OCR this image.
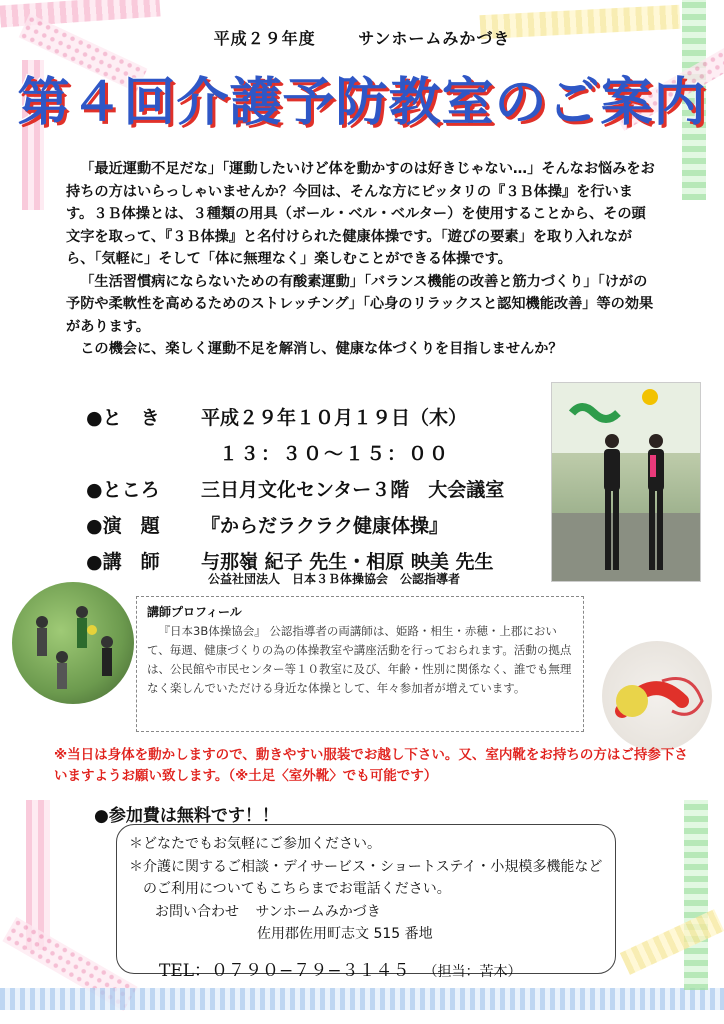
平成２９年度	サンホームみかづき
第４回介護予防教室のご案内

「最近運動不足だな」「運動したいけど体を動かすのは好きじゃない…」そんなお悩みをお持ちの方はいらっしゃいませんか？今回は、そんな方にピッタリの『３Ｂ体操』を行います。３Ｂ体操とは、３種類の用具（ボール・ベル・ベルター）を使用することから、その頭文字を取って、『３Ｂ体操』と名付けられた健康体操です。「遊びの要素」を取り入れながら、「気軽に」そして「体に無理なく」楽しむことができる体操です。

「生活習慣病にならないための有酸素運動」「バランス機能の改善と筋力づくり」「けがの予防や柔軟性を高めるためのストレッチング」「心身のリラックスと認知機能改善」等の効果があります。

この機会に、楽しく運動不足を解消し、健康な体づくりを目指しませんか？

●と　き	平成２９年１０月１９日（木）
１３：３０〜１５：００
●ところ	三日月文化センター３階　大会議室
●演　題	『からだラクラク健康体操』
●講　師	与那嶺 紀子 先生・相原 映美 先生
公益社団法人　日本３Ｂ体操協会　公認指導者
講師プロフィール
『日本3B体操協会』 公認指導者の両講師は、姫路・相生・赤穂・上郡において、毎週、健康づくりの為の体操教室や講座活動を行っておられます。活動の拠点は、公民館や市民センター等１０教室に及び、年齢・性別に関係なく、誰でも無理なく楽しんでいただける身近な体操として、年々参加者が増えています。
※当日は身体を動かしますので、動きやすい服装でお越し下さい。又、室内靴をお持ちの方はご持参下さいますようお願い致します。（※土足〈室外靴〉でも可能です）
●参加費は無料です！！
＊どなたでもお気軽にご参加ください。
＊介護に関するご相談・デイサービス・ショートステイ・小規模多機能など
のご利用についてもこちらまでお電話ください。
お問い合わせ サンホームみかづき
佐用郡佐用町志文 515 番地
TEL：０７９０−７９−３１４５ （担当：苦木）
